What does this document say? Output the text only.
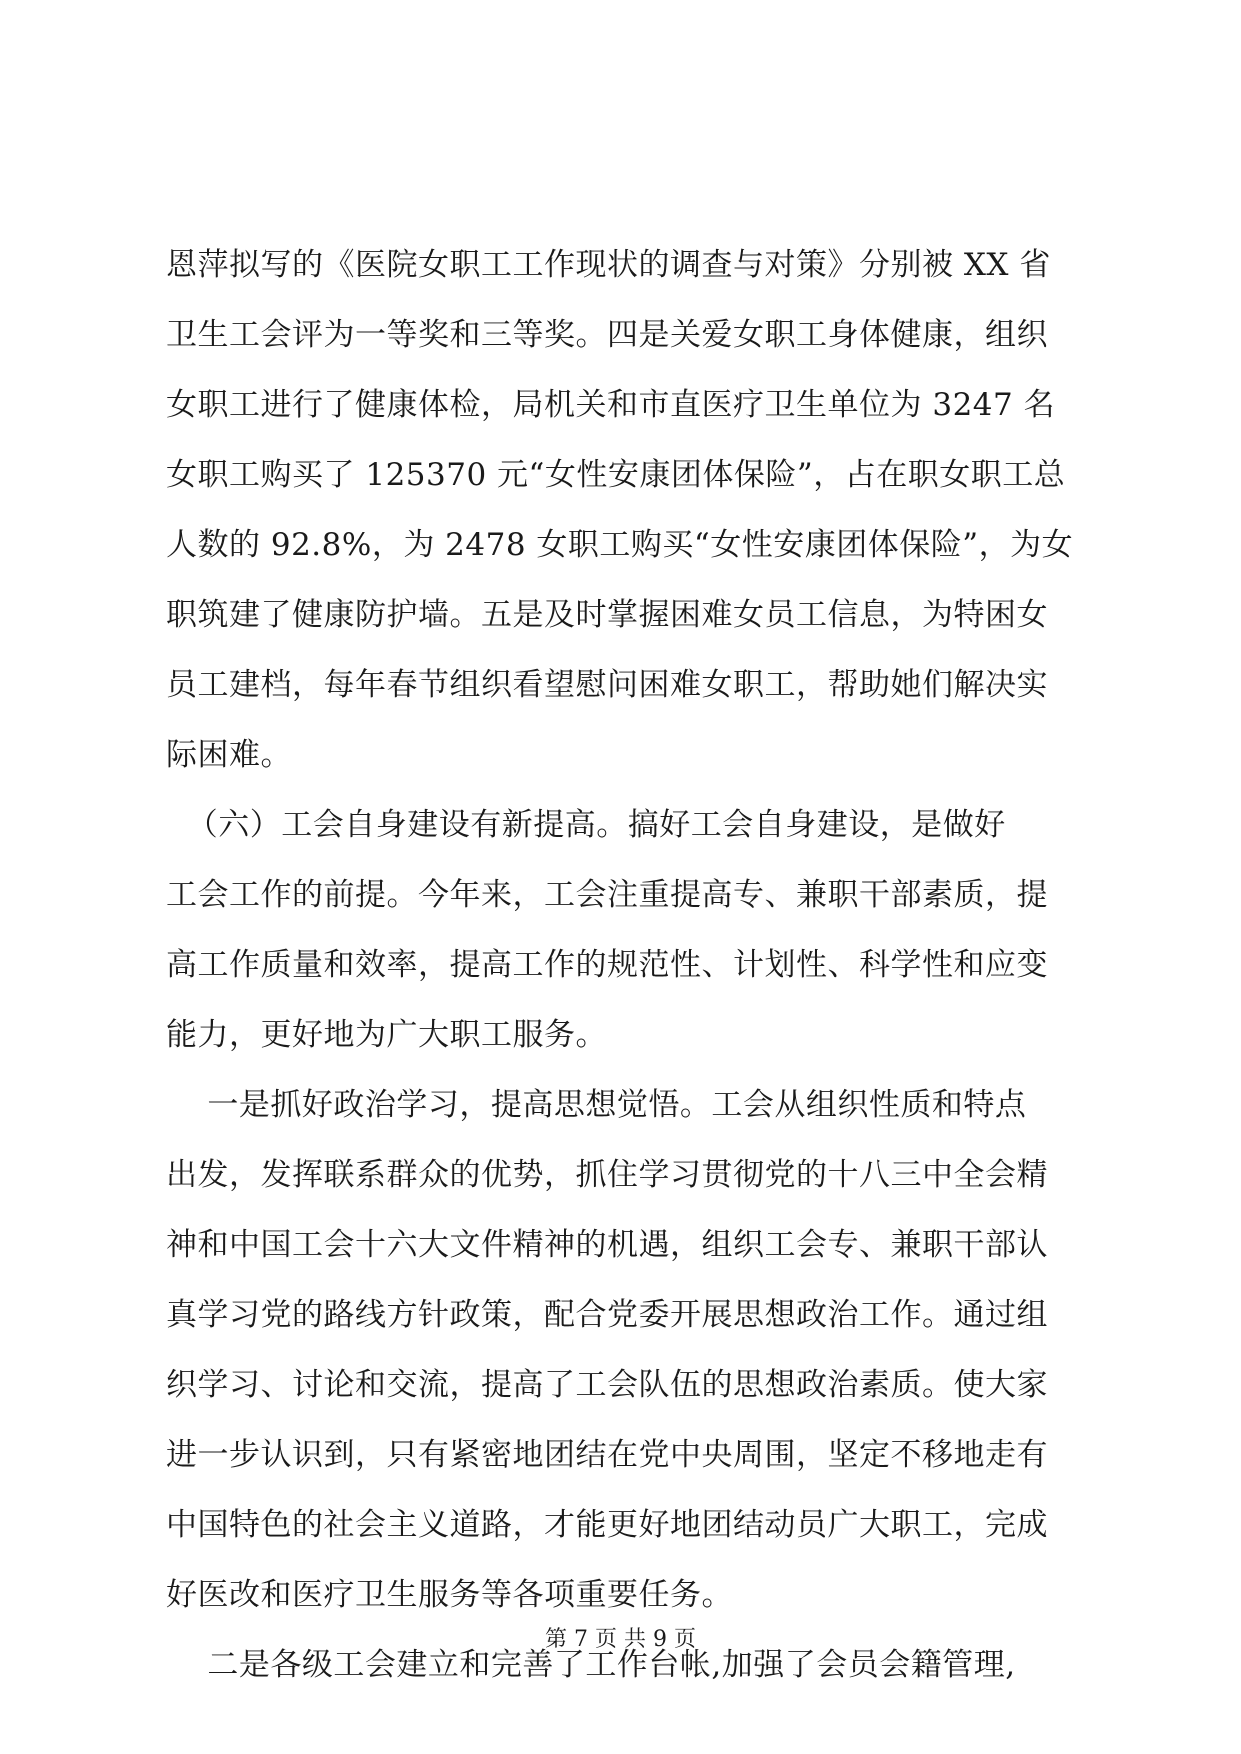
恩萍拟写的《医院女职工工作现状的调查与对策》分别被 XX 省
卫生工会评为一等奖和三等奖。四是关爱女职工身体健康，组织
女职工进行了健康体检，局机关和市直医疗卫生单位为 3247 名
女职工购买了 125370 元“女性安康团体保险”，占在职女职工总
人数的 92.8%，为 2478 女职工购买“女性安康团体保险”，为女
职筑建了健康防护墙。五是及时掌握困难女员工信息，为特困女
员工建档，每年春节组织看望慰问困难女职工，帮助她们解决实
际困难。
（六）工会自身建设有新提高。搞好工会自身建设，是做好
工会工作的前提。今年来，工会注重提高专、兼职干部素质，提
高工作质量和效率，提高工作的规范性、计划性、科学性和应变
能力，更好地为广大职工服务。
一是抓好政治学习，提高思想觉悟。工会从组织性质和特点
出发，发挥联系群众的优势，抓住学习贯彻党的十八三中全会精
神和中国工会十六大文件精神的机遇，组织工会专、兼职干部认
真学习党的路线方针政策，配合党委开展思想政治工作。通过组
织学习、讨论和交流，提高了工会队伍的思想政治素质。使大家
进一步认识到，只有紧密地团结在党中央周围，坚定不移地走有
中国特色的社会主义道路，才能更好地团结动员广大职工，完成
好医改和医疗卫生服务等各项重要任务。
二是各级工会建立和完善了工作台帐,加强了会员会籍管理,
第 7 页 共 9 页
